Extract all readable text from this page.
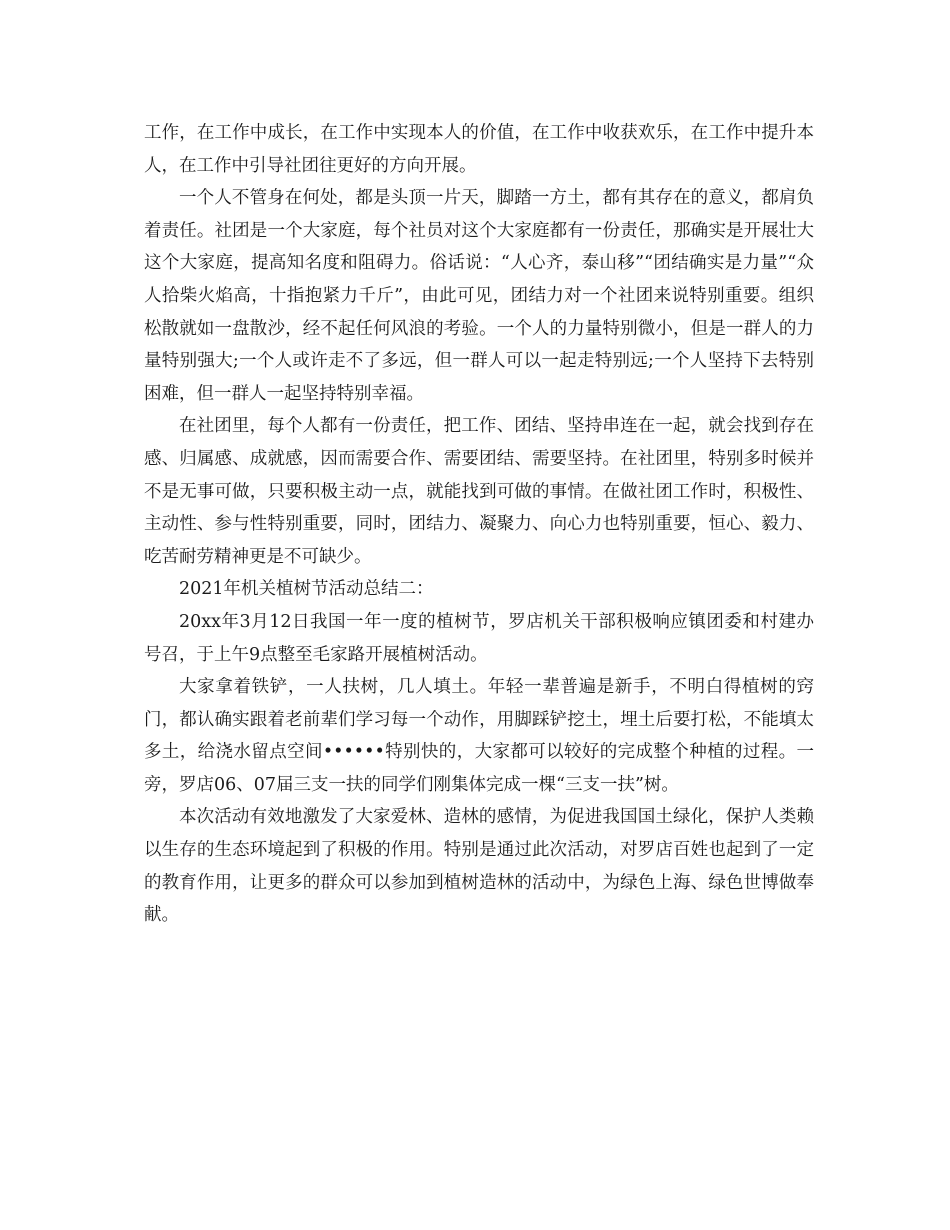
工作，在工作中成长，在工作中实现本人的价值，在工作中收获欢乐，在工作中提升本人，在工作中引导社团往更好的方向开展。

一个人不管身在何处，都是头顶一片天，脚踏一方土，都有其存在的意义，都肩负着责任。社团是一个大家庭，每个社员对这个大家庭都有一份责任，那确实是开展壮大这个大家庭，提高知名度和阻碍力。俗话说：“人心齐，泰山移”“团结确实是力量”“众人拾柴火焰高，十指抱紧力千斤”，由此可见，团结力对一个社团来说特别重要。组织松散就如一盘散沙，经不起任何风浪的考验。一个人的力量特别微小，但是一群人的力量特别强大;一个人或许走不了多远，但一群人可以一起走特别远;一个人坚持下去特别困难，但一群人一起坚持特别幸福。

在社团里，每个人都有一份责任，把工作、团结、坚持串连在一起，就会找到存在感、归属感、成就感，因而需要合作、需要团结、需要坚持。在社团里，特别多时候并不是无事可做，只要积极主动一点，就能找到可做的事情。在做社团工作时，积极性、主动性、参与性特别重要，同时，团结力、凝聚力、向心力也特别重要，恒心、毅力、吃苦耐劳精神更是不可缺少。

2021年机关植树节活动总结二：

20xx年3月12日我国一年一度的植树节，罗店机关干部积极响应镇团委和村建办号召，于上午9点整至毛家路开展植树活动。

大家拿着铁铲，一人扶树，几人填土。年轻一辈普遍是新手，不明白得植树的窍门，都认确实跟着老前辈们学习每一个动作，用脚踩铲挖土，埋土后要打松，不能填太多土，给浇水留点空间••••••特别快的，大家都可以较好的完成整个种植的过程。一旁，罗店06、07届三支一扶的同学们刚集体完成一棵“三支一扶”树。

本次活动有效地激发了大家爱林、造林的感情，为促进我国国土绿化，保护人类赖以生存的生态环境起到了积极的作用。特别是通过此次活动，对罗店百姓也起到了一定的教育作用，让更多的群众可以参加到植树造林的活动中，为绿色上海、绿色世博做奉献。
